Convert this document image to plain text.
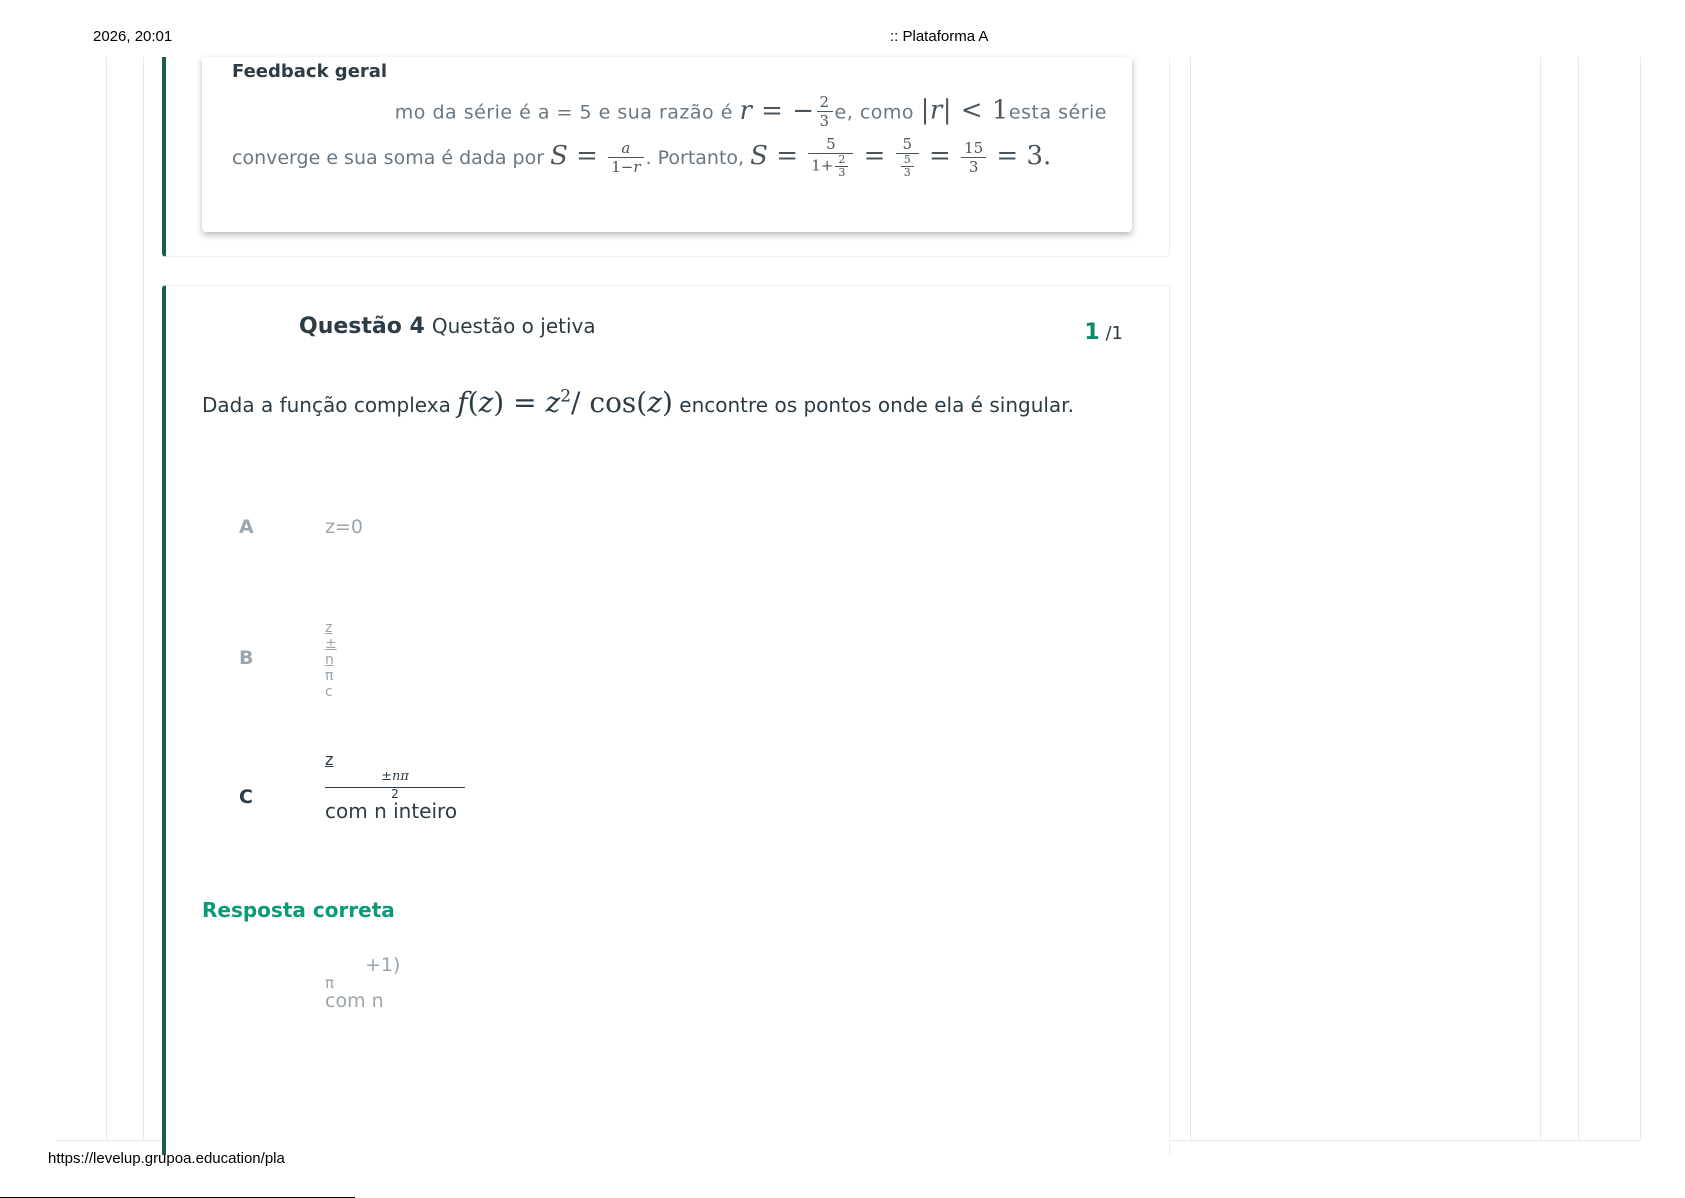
2026, 20:01	:: Plataforma A
Feedback geral
mo da série é a = 5 e sua razão é r = − $\frac{2}{3} e$, como |r| < 1esta série
converge e sua soma é dada por $S = \frac{a}{1-r}$ . Portanto, $S = \frac{5}{1+ \frac{2}{3}} = \frac{5}{\frac{5}{3}} = \frac{15}{3} = 3$.
Questão 4 Questão o jetiva	1 /1
Dada a função complexa $f(z) = z^2/$ cos(z) encontre os pontos onde ela é singular.
A	z=0
B
z
±
n
π
c
C
z
±nπ
2
com n inteiro
Resposta correta
+1)
π
com n
https://levelup.grupoa.education/pla
